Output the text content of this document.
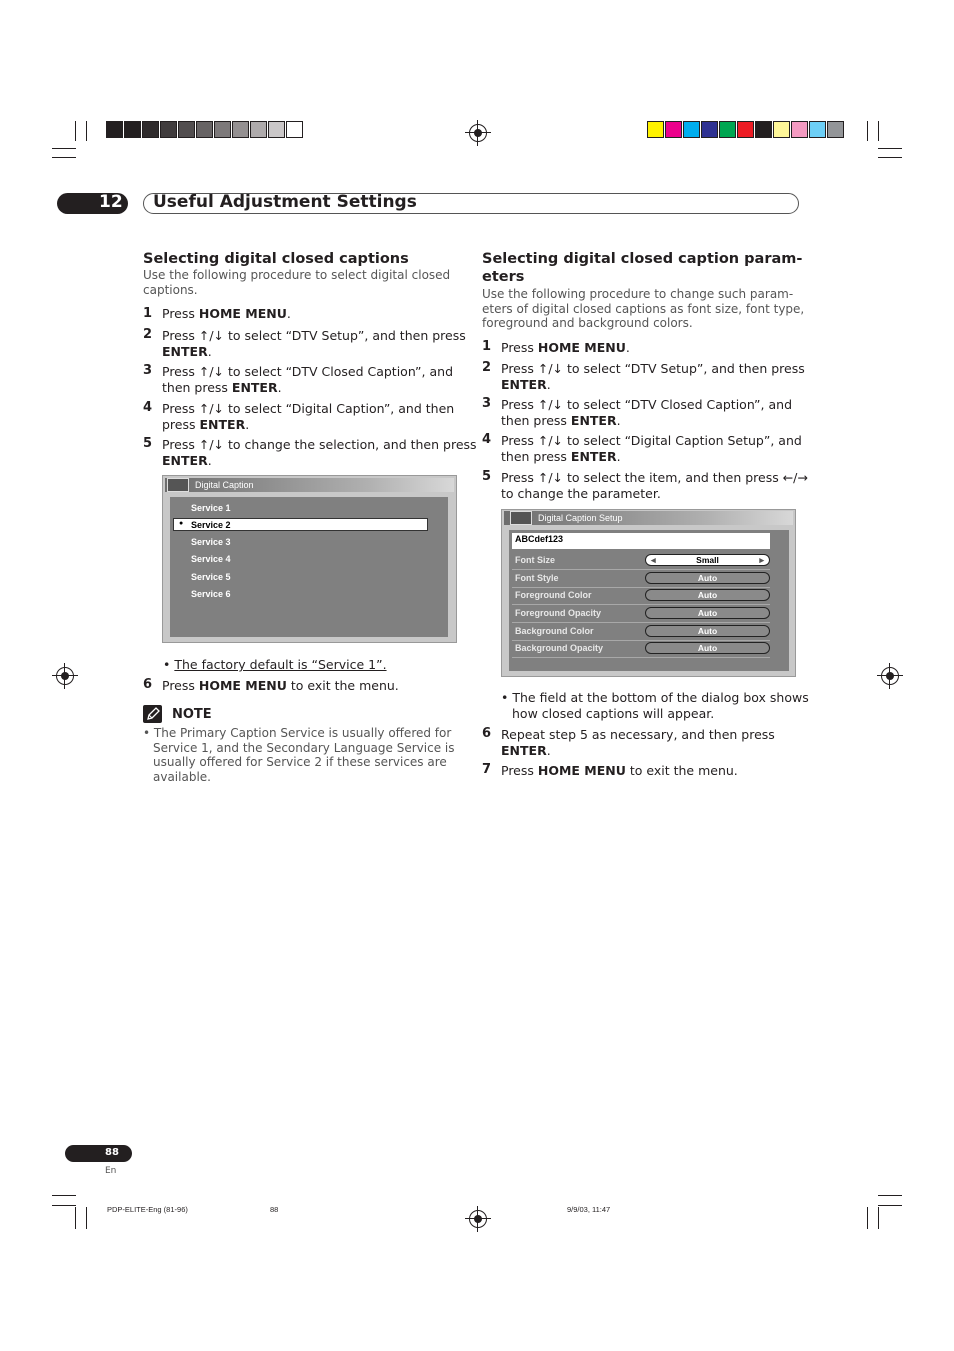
12 Useful Adjustment Settings
Selecting digital closed captions

Use the following procedure to select digital closed
captions.

1 Press HOME MENU.
2 Press ↑/↓ to select “DTV Setup”, and then press
ENTER.
3 Press ↑/↓ to select “DTV Closed Caption”, and
then press ENTER.
4 Press ↑/↓ to select “Digital Caption”, and then
press ENTER.
5 Press ↑/↓ to change the selection, and then press
ENTER.
Digital Caption
●
Service 1
Service 2
Service 3
Service 4
Service 5
Service 6
• The factory default is “Service 1”.
6 Press HOME MENU to exit the menu.
NOTE
• The Primary Caption Service is usually offered for
Service 1, and the Secondary Language Service is
usually offered for Service 2 if these services are
available.
Selecting digital closed caption param-
eters

Use the following procedure to change such param-
eters of digital closed captions as font size, font type,
foreground and background colors.

1 Press HOME MENU.
2 Press ↑/↓ to select “DTV Setup”, and then press
ENTER.
3 Press ↑/↓ to select “DTV Closed Caption”, and
then press ENTER.
4 Press ↑/↓ to select “Digital Caption Setup”, and
then press ENTER.
5 Press ↑/↓ to select the item, and then press ←/→
to change the parameter.
Digital Caption Setup
ABCdef123
Font Size	◄	Small	►
Font Style	Auto
Foreground Color	Auto
Foreground Opacity	Auto
Background Color	Auto
Background Opacity	Auto
• The field at the bottom of the dialog box shows
how closed captions will appear.
6 Repeat step 5 as necessary, and then press
ENTER.
7 Press HOME MENU to exit the menu.
88
En
PDP-ELITE-Eng (81-96)	88	9/9/03, 11:47
